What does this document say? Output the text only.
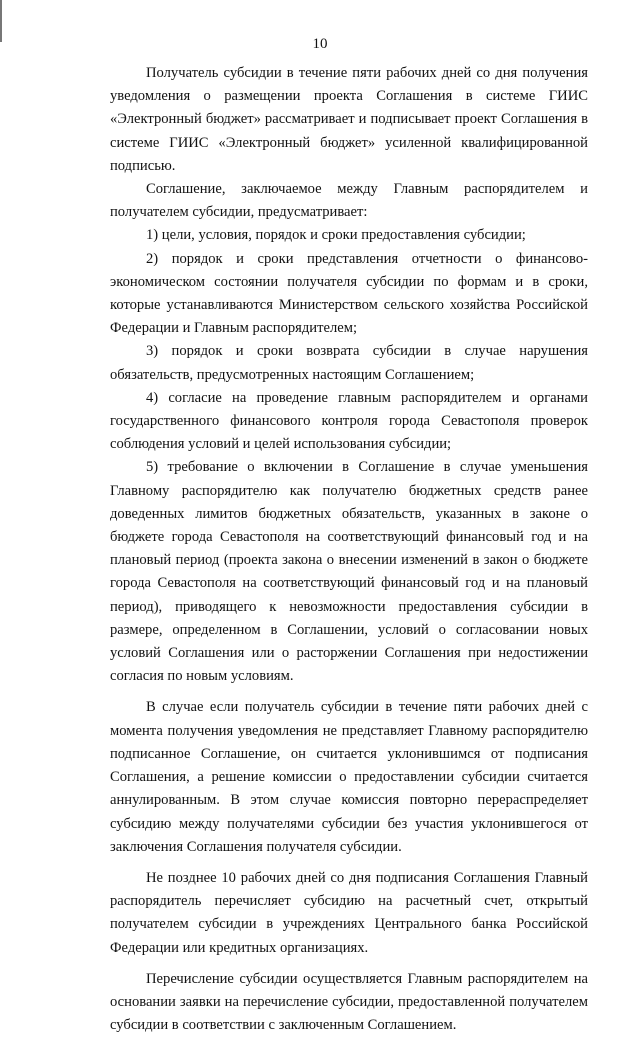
10

Получатель субсидии в течение пяти рабочих дней со дня получения уведомления о размещении проекта Соглашения в системе ГИИС «Электронный бюджет» рассматривает и подписывает проект Соглашения в системе ГИИС «Электронный бюджет» усиленной квалифицированной подписью.

Соглашение, заключаемое между Главным распорядителем и получателем субсидии, предусматривает:

1) цели, условия, порядок и сроки предоставления субсидии;

2) порядок и сроки представления отчетности о финансово-экономическом состоянии получателя субсидии по формам и в сроки, которые устанавливаются Министерством сельского хозяйства Российской Федерации и Главным распорядителем;

3) порядок и сроки возврата субсидии в случае нарушения обязательств, предусмотренных настоящим Соглашением;

4) согласие на проведение главным распорядителем и органами государственного финансового контроля города Севастополя проверок соблюдения условий и целей использования субсидии;

5) требование о включении в Соглашение в случае уменьшения Главному распорядителю как получателю бюджетных средств ранее доведенных лимитов бюджетных обязательств, указанных в законе о бюджете города Севастополя на соответствующий финансовый год и на плановый период (проекта закона о внесении изменений в закон о бюджете города Севастополя на соответствующий финансовый год и на плановый период), приводящего к невозможности предоставления субсидии в размере, определенном в Соглашении, условий о согласовании новых условий Соглашения или о расторжении Соглашения при недостижении согласия по новым условиям.

В случае если получатель субсидии в течение пяти рабочих дней с момента получения уведомления не представляет Главному распорядителю подписанное Соглашение, он считается уклонившимся от подписания Соглашения, а решение комиссии о предоставлении субсидии считается аннулированным. В этом случае комиссия повторно перераспределяет субсидию между получателями субсидии без участия уклонившегося от заключения Соглашения получателя субсидии.

Не позднее 10 рабочих дней со дня подписания Соглашения Главный распорядитель перечисляет субсидию на расчетный счет, открытый получателем субсидии в учреждениях Центрального банка Российской Федерации или кредитных организациях.

Перечисление субсидии осуществляется Главным распорядителем на основании заявки на перечисление субсидии, предоставленной получателем субсидии в соответствии с заключенным Соглашением.
